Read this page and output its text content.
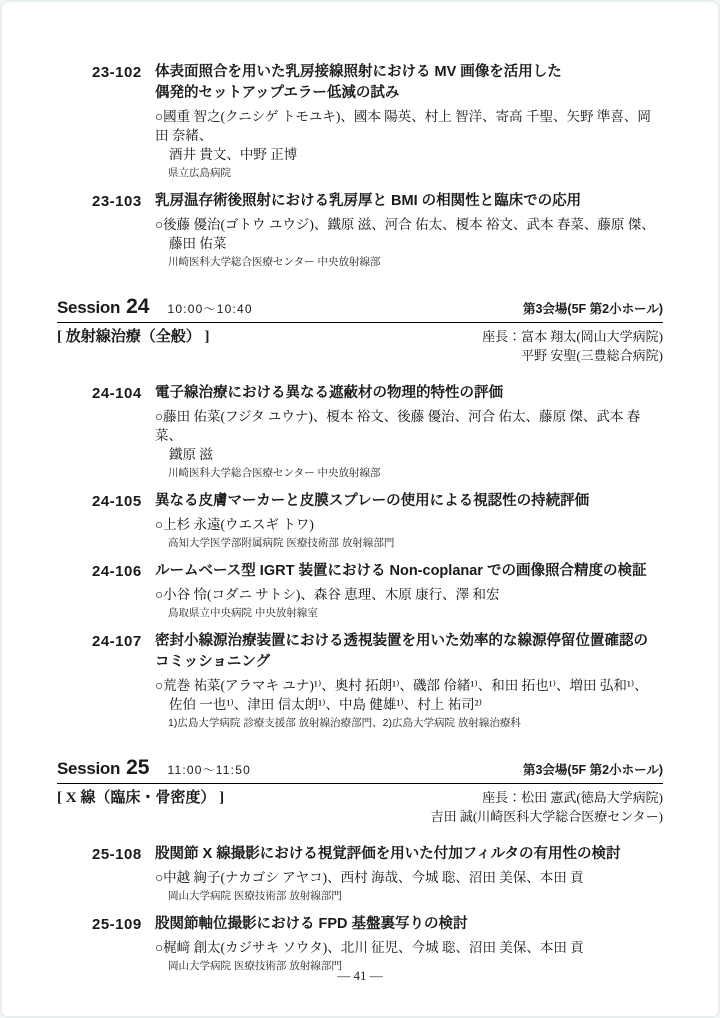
23-102 体表面照合を用いた乳房接線照射における MV 画像を活用した
偶発的セットアップエラー低減の試み
○國重 智之(クニシゲ トモユキ)、國本 陽英、村上 智洋、寄高 千聖、矢野 準喜、岡田 奈緒、
酒井 貴文、中野 正博
県立広島病院
23-103 乳房温存術後照射における乳房厚と BMI の相関性と臨床での応用
○後藤 優治(ゴトウ ユウジ)、鐵原 滋、河合 佑太、榎本 裕文、武本 春菜、藤原 傑、
藤田 佑菜
川崎医科大学総合医療センター 中央放射線部
Session 24 10:00〜10:40	第3会場(5F 第2小ホール)
[ 放射線治療（全般） ]	座長：富本 翔太(岡山大学病院)
平野 安聖(三豊総合病院)
24-104 電子線治療における異なる遮蔽材の物理的特性の評価
○藤田 佑菜(フジタ ユウナ)、榎本 裕文、後藤 優治、河合 佑太、藤原 傑、武本 春菜、
鐵原 滋
川崎医科大学総合医療センター 中央放射線部
24-105 異なる皮膚マーカーと皮膜スプレーの使用による視認性の持続評価
○上杉 永遠(ウエスギ トワ)
高知大学医学部附属病院 医療技術部 放射線部門
24-106 ルームベース型 IGRT 装置における Non-coplanar での画像照合精度の検証
○小谷 怜(コダニ サトシ)、森谷 恵理、木原 康行、澤 和宏
鳥取県立中央病院 中央放射線室
24-107 密封小線源治療装置における透視装置を用いた効率的な線源停留位置確認の
コミッショニング
○荒巻 祐菜(アラマキ ユナ)¹⁾、奥村 拓朗¹⁾、磯部 伶緒¹⁾、和田 拓也¹⁾、増田 弘和¹⁾、
佐伯 一也¹⁾、津田 信太朗¹⁾、中島 健雄¹⁾、村上 祐司²⁾
1)広島大学病院 診療支援部 放射線治療部門、2)広島大学病院 放射線治療科
Session 25 11:00〜11:50	第3会場(5F 第2小ホール)
[ X 線（臨床・骨密度） ]	座長：松田 憲武(徳島大学病院)
吉田 誠(川崎医科大学総合医療センター)
25-108 股関節 X 線撮影における視覚評価を用いた付加フィルタの有用性の検討
○中越 絢子(ナカゴシ アヤコ)、西村 海哉、今城 聡、沼田 美保、本田 貢
岡山大学病院 医療技術部 放射線部門
25-109 股関節軸位撮影における FPD 基盤裏写りの検討
○梶﨑 創太(カジサキ ソウタ)、北川 征児、今城 聡、沼田 美保、本田 貢
岡山大学病院 医療技術部 放射線部門
— 41 —
